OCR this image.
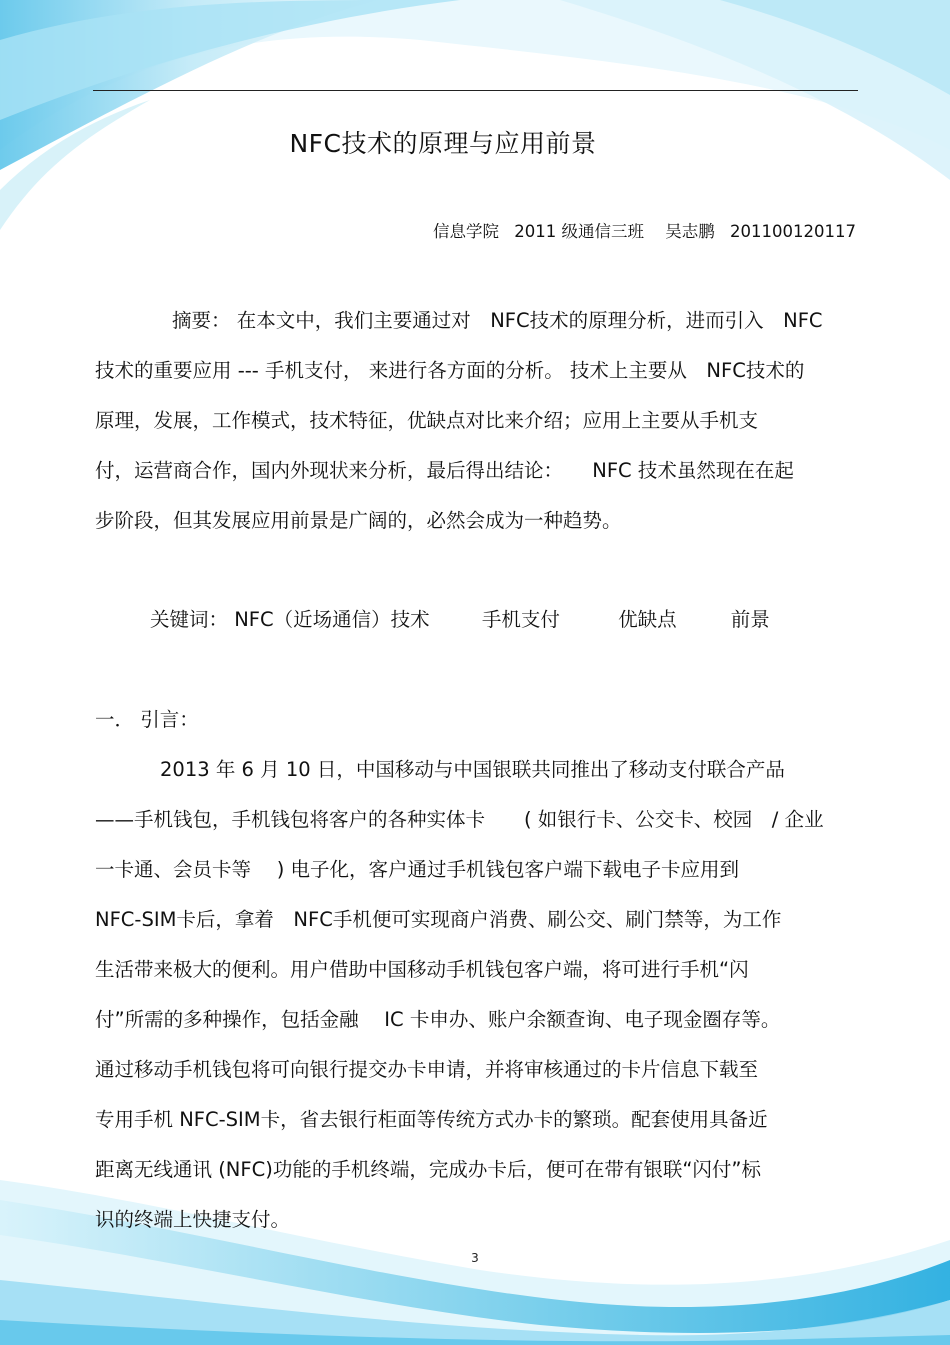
NFC技术的原理与应用前景
信息学院 2011 级通信三班 吴志鹏 201100120117
摘要： 在本文中，我们主要通过对　NFC技术的原理分析，进而引入　NFC
技术的重要应用 --- 手机支付， 来进行各方面的分析。 技术上主要从　NFC技术的
原理，发展，工作模式，技术特征，优缺点对比来介绍；应用上主要从手机支
付，运营商合作，国内外现状来分析，最后得出结论：　　NFC 技术虽然现在在起
步阶段，但其发展应用前景是广阔的，必然会成为一种趋势。
关键词： NFC（近场通信）技术	手机支付	优缺点	前景
一． 引言：
2013 年 6 月 10 日，中国移动与中国银联共同推出了移动支付联合产品
——手机钱包，手机钱包将客户的各种实体卡　　( 如银行卡、公交卡、校园　/ 企业
一卡通、会员卡等　 ) 电子化，客户通过手机钱包客户端下载电子卡应用到
NFC-SIM卡后，拿着　NFC手机便可实现商户消费、刷公交、刷门禁等，为工作
生活带来极大的便利。用户借助中国移动手机钱包客户端，将可进行手机“闪
付”所需的多种操作，包括金融　 IC 卡申办、账户余额查询、电子现金圈存等。
通过移动手机钱包将可向银行提交办卡申请，并将审核通过的卡片信息下载至
专用手机 NFC-SIM卡，省去银行柜面等传统方式办卡的繁琐。配套使用具备近
距离无线通讯 (NFC)功能的手机终端，完成办卡后，便可在带有银联“闪付”标
识的终端上快捷支付。
3
